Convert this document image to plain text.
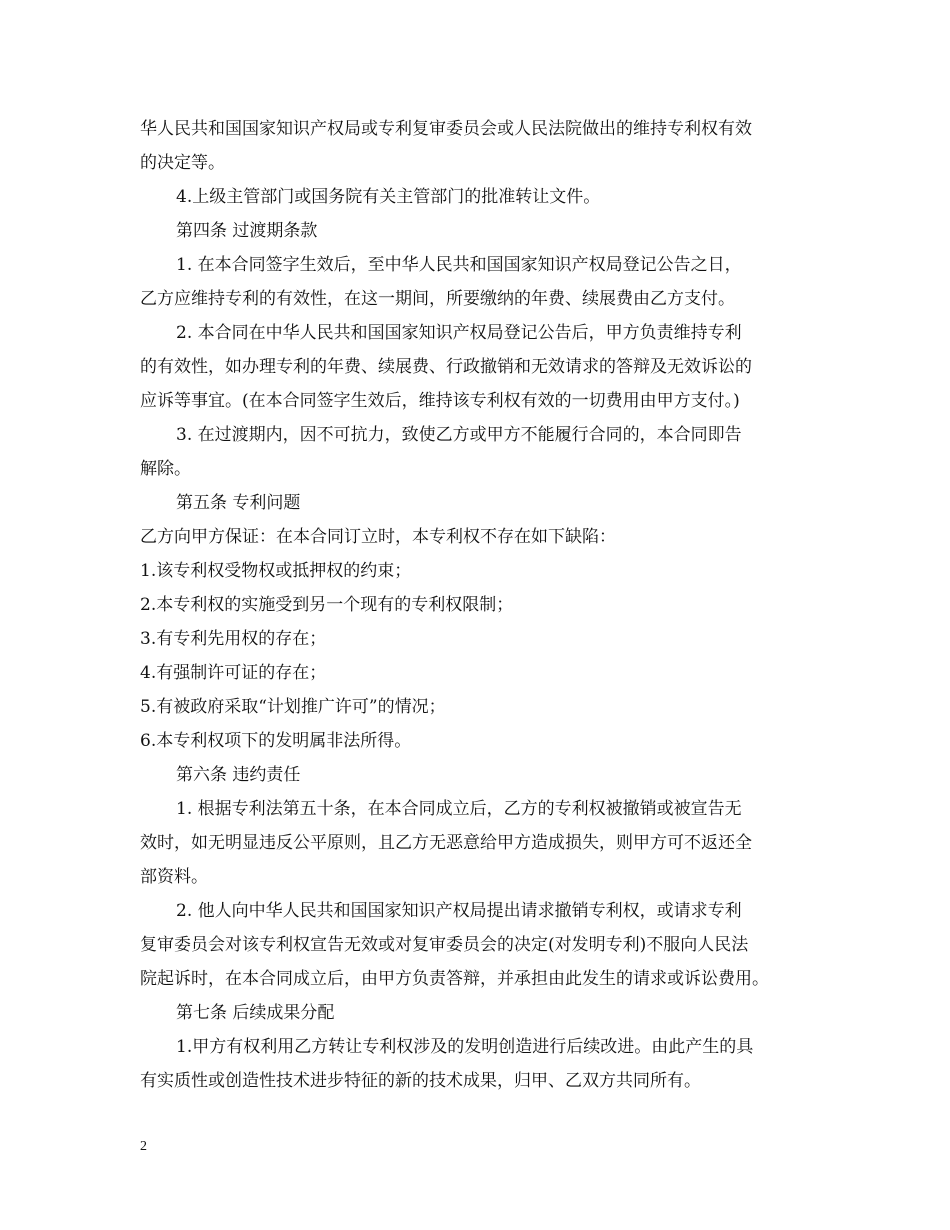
华人民共和国国家知识产权局或专利复审委员会或人民法院做出的维持专利权有效
的决定等。
4.上级主管部门或国务院有关主管部门的批准转让文件。
第四条 过渡期条款
1. 在本合同签字生效后，至中华人民共和国国家知识产权局登记公告之日，
乙方应维持专利的有效性，在这一期间，所要缴纳的年费、续展费由乙方支付。
2. 本合同在中华人民共和国国家知识产权局登记公告后，甲方负责维持专利
的有效性，如办理专利的年费、续展费、行政撤销和无效请求的答辩及无效诉讼的
应诉等事宜。(在本合同签字生效后，维持该专利权有效的一切费用由甲方支付。)
3. 在过渡期内，因不可抗力，致使乙方或甲方不能履行合同的，本合同即告
解除。
第五条 专利问题
乙方向甲方保证：在本合同订立时，本专利权不存在如下缺陷：
1.该专利权受物权或抵押权的约束；
2.本专利权的实施受到另一个现有的专利权限制；
3.有专利先用权的存在；
4.有强制许可证的存在；
5.有被政府采取“计划推广许可”的情况；
6.本专利权项下的发明属非法所得。
第六条 违约责任
1. 根据专利法第五十条，在本合同成立后，乙方的专利权被撤销或被宣告无
效时，如无明显违反公平原则，且乙方无恶意给甲方造成损失，则甲方可不返还全
部资料。
2. 他人向中华人民共和国国家知识产权局提出请求撤销专利权，或请求专利
复审委员会对该专利权宣告无效或对复审委员会的决定(对发明专利)不服向人民法
院起诉时，在本合同成立后，由甲方负责答辩，并承担由此发生的请求或诉讼费用。
第七条 后续成果分配
1.甲方有权利用乙方转让专利权涉及的发明创造进行后续改进。由此产生的具
有实质性或创造性技术进步特征的新的技术成果，归甲、乙双方共同所有。
2
